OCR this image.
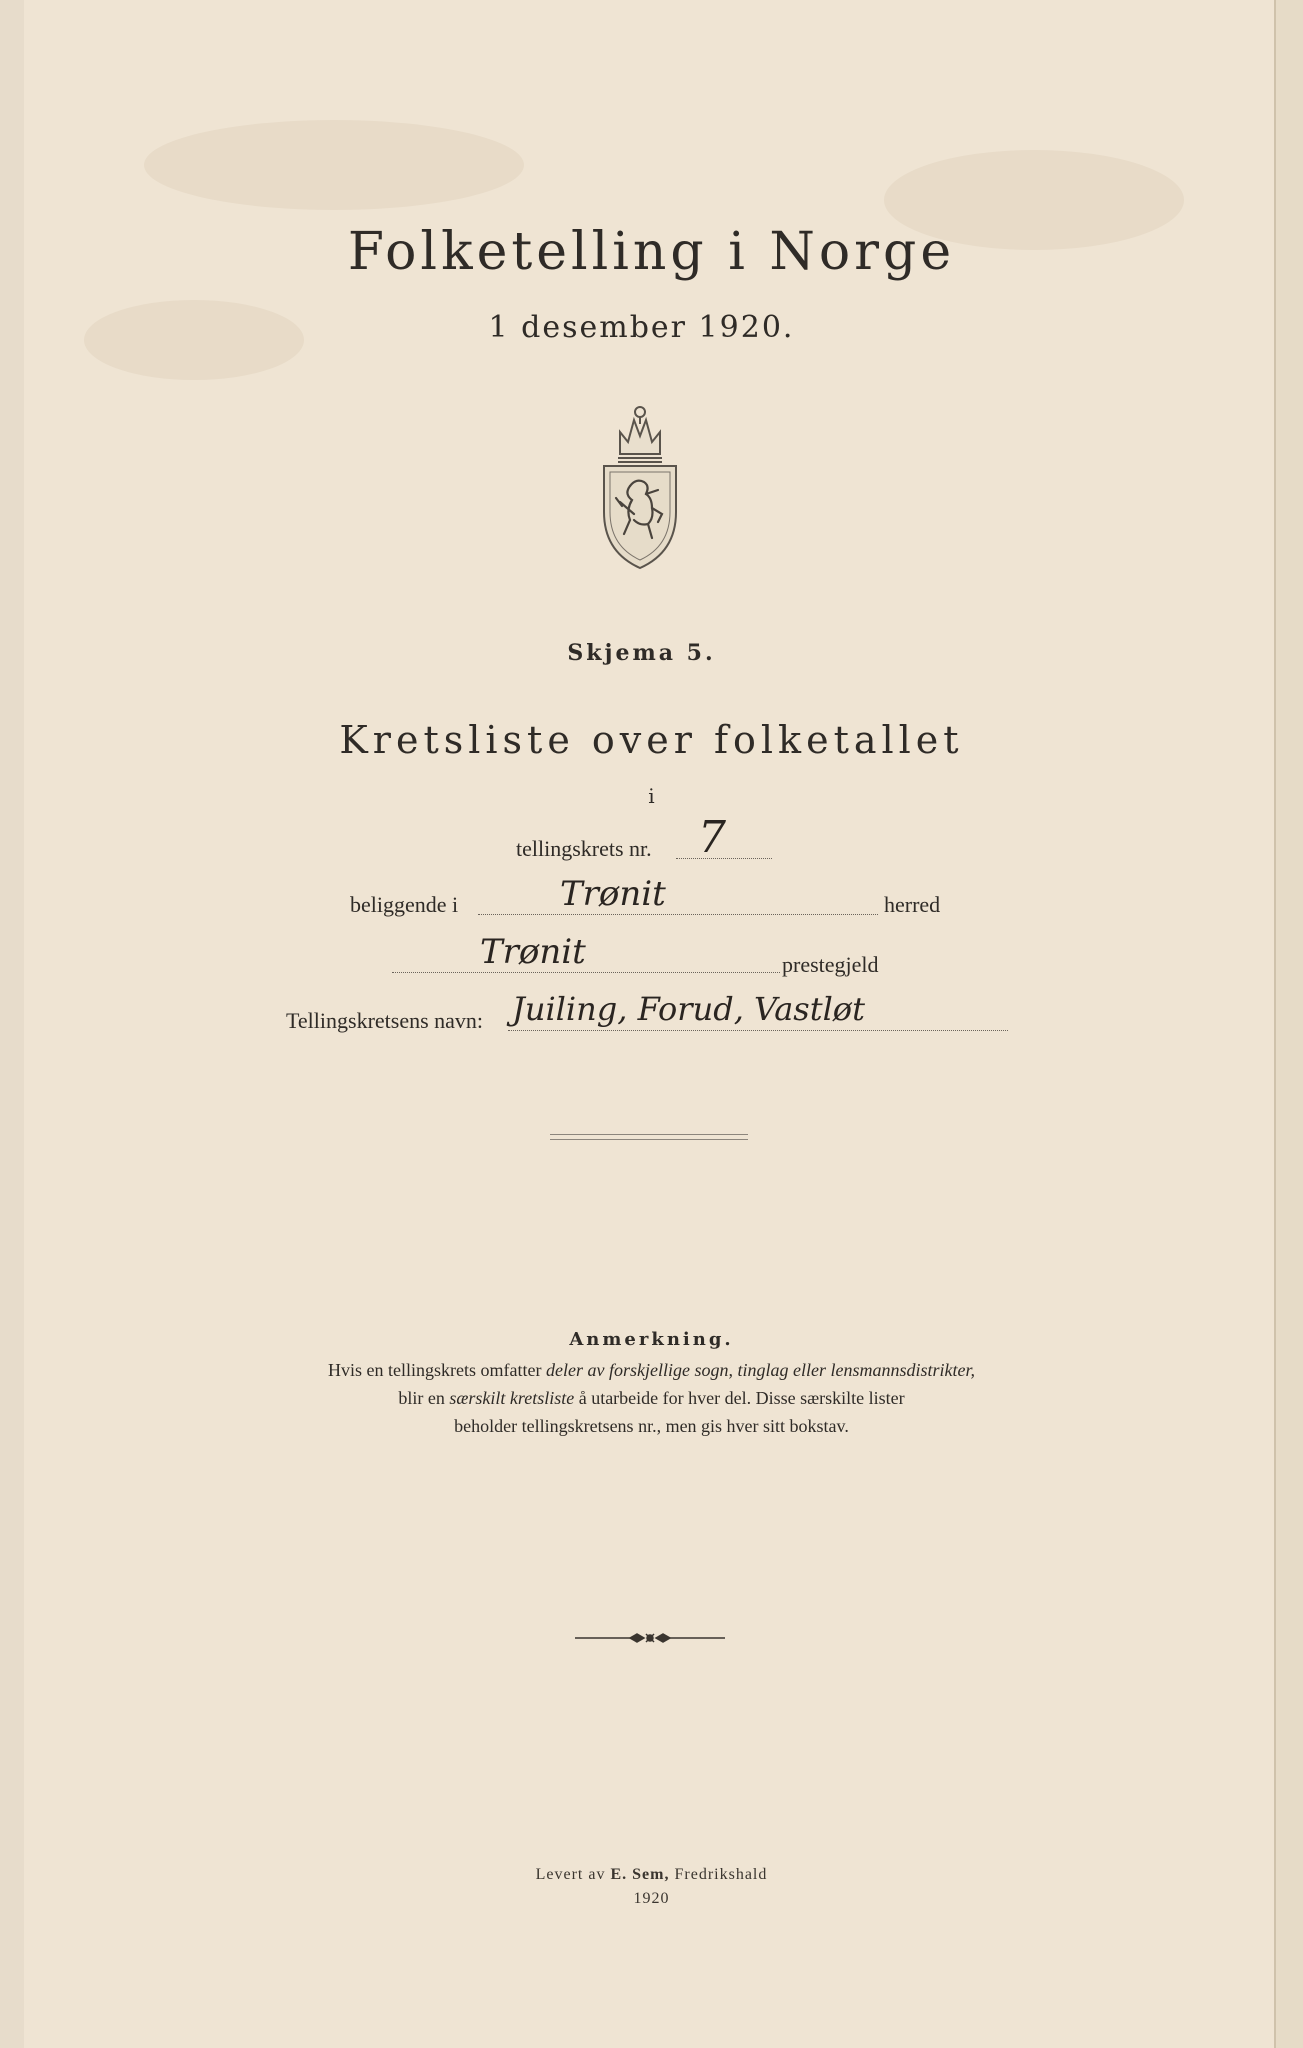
Folketelling i Norge
1 desember 1920.
Skjema 5.
Kretsliste over folketallet
i
tellingskrets nr. 7
beliggende i	Trønit	herred
Trønit	prestegjeld
Tellingskretsens navn: Juiling, Forud, Vastløt
Anmerkning.
Hvis en tellingskrets omfatter deler av forskjellige sogn, tinglag eller lensmannsdistrikter,
blir en særskilt kretsliste å utarbeide for hver del. Disse særskilte lister
beholder tellingskretsens nr., men gis hver sitt bokstav.
Levert av E. Sem, Fredrikshald
1920
